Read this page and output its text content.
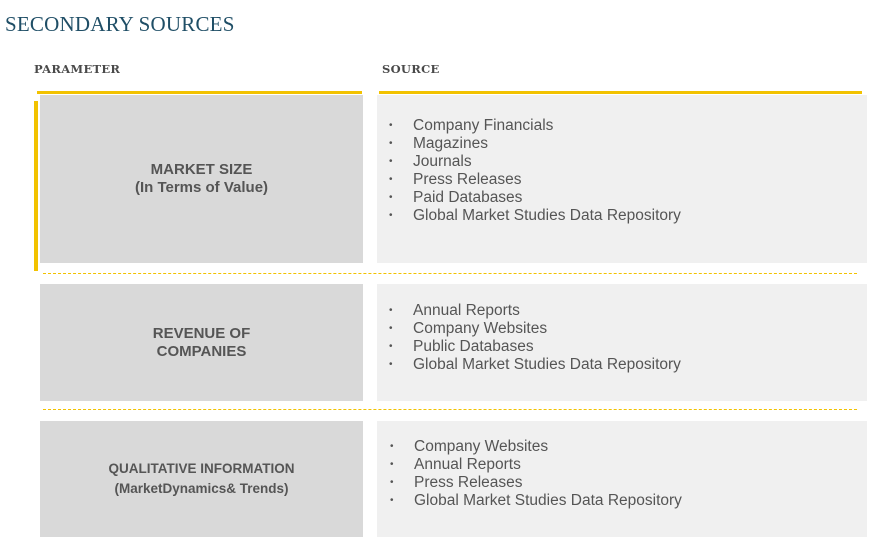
SECONDARY SOURCES
PARAMETER	SOURCE
MARKET SIZE
(In Terms of Value)
• Company Financials
• Magazines
• Journals
• Press Releases
• Paid Databases
• Global Market Studies Data Repository
REVENUE OF
COMPANIES
• Annual Reports
• Company Websites
• Public Databases
• Global Market Studies Data Repository
QUALITATIVE INFORMATION
(MarketDynamics& Trends)
• Company Websites
• Annual Reports
• Press Releases
• Global Market Studies Data Repository
